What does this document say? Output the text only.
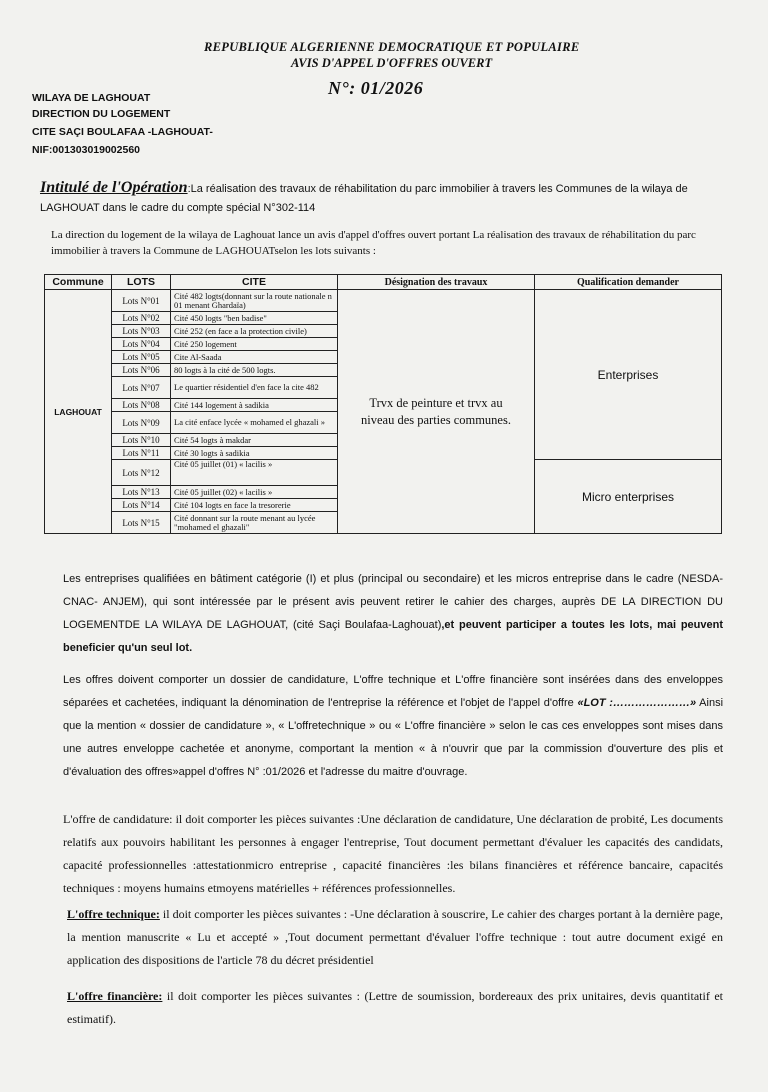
REPUBLIQUE ALGERIENNE DEMOCRATIQUE ET POPULAIRE
AVIS D'APPEL D'OFFRES OUVERT
N°: 01/2026
WILAYA DE LAGHOUAT
DIRECTION DU LOGEMENT
CITE SAÇI BOULAFAA -LAGHOUAT-
NIF:001303019002560
Intitulé de l'Opération:La réalisation des travaux de réhabilitation du parc immobilier à travers les Communes de la wilaya de LAGHOUAT dans le cadre du compte spécial N°302-114
La direction du logement de la wilaya de Laghouat lance un avis d'appel d'offres ouvert portant La réalisation des travaux de réhabilitation du parc immobilier à travers la Commune de LAGHOUATselon les lots suivants :
Commune	LOTS	CITE	Désignation des travaux	Qualification demander
LAGHOUAT	Lots N°01	Cité 482 logts(donnant sur la route nationale n 01 menant Ghardaïa)	Trvx de peinture et trvx au niveau des parties communes.	Enterprises
	Lots N°02	Cité 450 logts "ben badise"		
	Lots N°03	Cité 252 (en face a la protection civile)		
	Lots N°04	Cité 250 logement		
	Lots N°05	Cite Al-Saada		
	Lots N°06	80 logts à la cité de 500 logts.		
	Lots N°07	Le quartier résidentiel d'en face la cite 482		
	Lots N°08	Cité 144 logement à sadikia		
	Lots N°09	La cité enface lycée « mohamed el ghazali »		
	Lots N°10	Cité 54 logts à makdar		
	Lots N°11	Cité 30 logts à sadikia		
	Lots N°12	Cité 05 juillet (01) « lacilis »		Micro enterprises
	Lots N°13	Cité 05 juillet (02) « lacilis »		
	Lots N°14	Cité 104 logts en face la tresorerie		
	Lots N°15	Cité donnant sur la route menant au lycée "mohamed el ghazali"		

Les entreprises qualifiées en bâtiment catégorie (I) et plus (principal ou secondaire) et les micros entreprise dans le cadre (NESDA- CNAC- ANJEM), qui sont intéressée par le présent avis peuvent retirer le cahier des charges, auprès DE LA DIRECTION DU LOGEMENTDE LA WILAYA DE LAGHOUAT, (cité Saçi Boulafaa-Laghouat),et peuvent participer a toutes les lots, mai peuvent beneficier qu'un seul lot.

Les offres doivent comporter un dossier de candidature, L'offre technique et L'offre financière sont insérées dans des enveloppes séparées et cachetées, indiquant la dénomination de l'entreprise la référence et l'objet de l'appel d'offre «LOT :…………………» Ainsi que la mention « dossier de candidature », « L'offretechnique » ou « L'offre financière » selon le cas ces enveloppes sont mises dans une autres enveloppe cachetée et anonyme, comportant la mention « à n'ouvrir que par la commission d'ouverture des plis et d'évaluation des offres»appel d'offres N° :01/2026 et l'adresse du maitre d'ouvrage.

L'offre de candidature: il doit comporter les pièces suivantes :Une déclaration de candidature, Une déclaration de probité, Les documents relatifs aux pouvoirs habilitant les personnes à engager l'entreprise, Tout document permettant d'évaluer les capacités des candidats, capacité professionnelles :attestationmicro entreprise , capacité financières :les bilans financières et référence bancaire, capacités techniques : moyens humains etmoyens matérielles + références professionnelles.

L'offre technique: il doit comporter les pièces suivantes : -Une déclaration à souscrire, Le cahier des charges portant à la dernière page, la mention manuscrite « Lu et accepté » ,Tout document permettant d'évaluer l'offre technique : tout autre document exigé en application des dispositions de l'article 78 du décret présidentiel

L'offre financière: il doit comporter les pièces suivantes : (Lettre de soumission, bordereaux des prix unitaires, devis quantitatif et estimatif).
